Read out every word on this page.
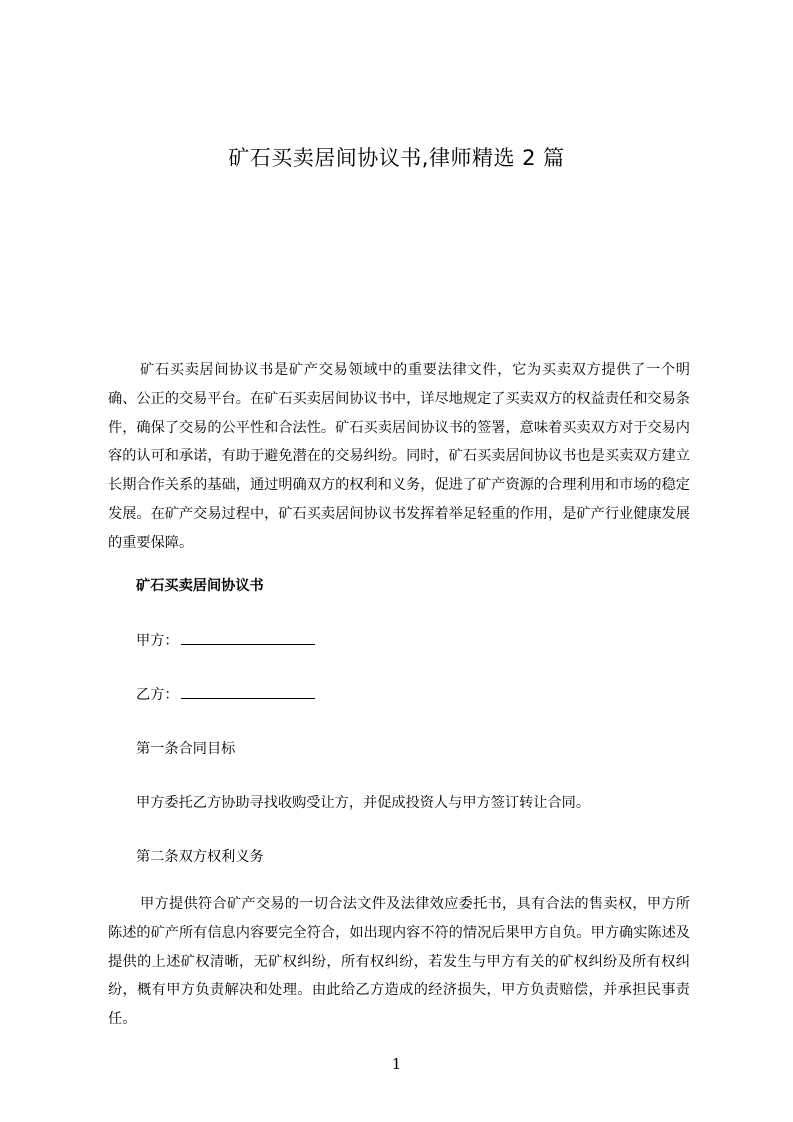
矿石买卖居间协议书,律师精选 2 篇

矿石买卖居间协议书是矿产交易领域中的重要法律文件，它为买卖双方提供了一个明确、公正的交易平台。在矿石买卖居间协议书中，详尽地规定了买卖双方的权益责任和交易条件，确保了交易的公平性和合法性。矿石买卖居间协议书的签署，意味着买卖双方对于交易内容的认可和承诺，有助于避免潜在的交易纠纷。同时，矿石买卖居间协议书也是买卖双方建立长期合作关系的基础，通过明确双方的权利和义务，促进了矿产资源的合理利用和市场的稳定发展。在矿产交易过程中，矿石买卖居间协议书发挥着举足轻重的作用，是矿产行业健康发展的重要保障。

矿石买卖居间协议书
甲方：
乙方：
第一条合同目标
甲方委托乙方协助寻找收购受让方，并促成投资人与甲方签订转让合同。
第二条双方权利义务

甲方提供符合矿产交易的一切合法文件及法律效应委托书，具有合法的售卖权，甲方所陈述的矿产所有信息内容要完全符合，如出现内容不符的情况后果甲方自负。甲方确实陈述及提供的上述矿权清晰，无矿权纠纷，所有权纠纷，若发生与甲方有关的矿权纠纷及所有权纠纷，概有甲方负责解决和处理。由此给乙方造成的经济损失，甲方负责赔偿，并承担民事责任。

1
